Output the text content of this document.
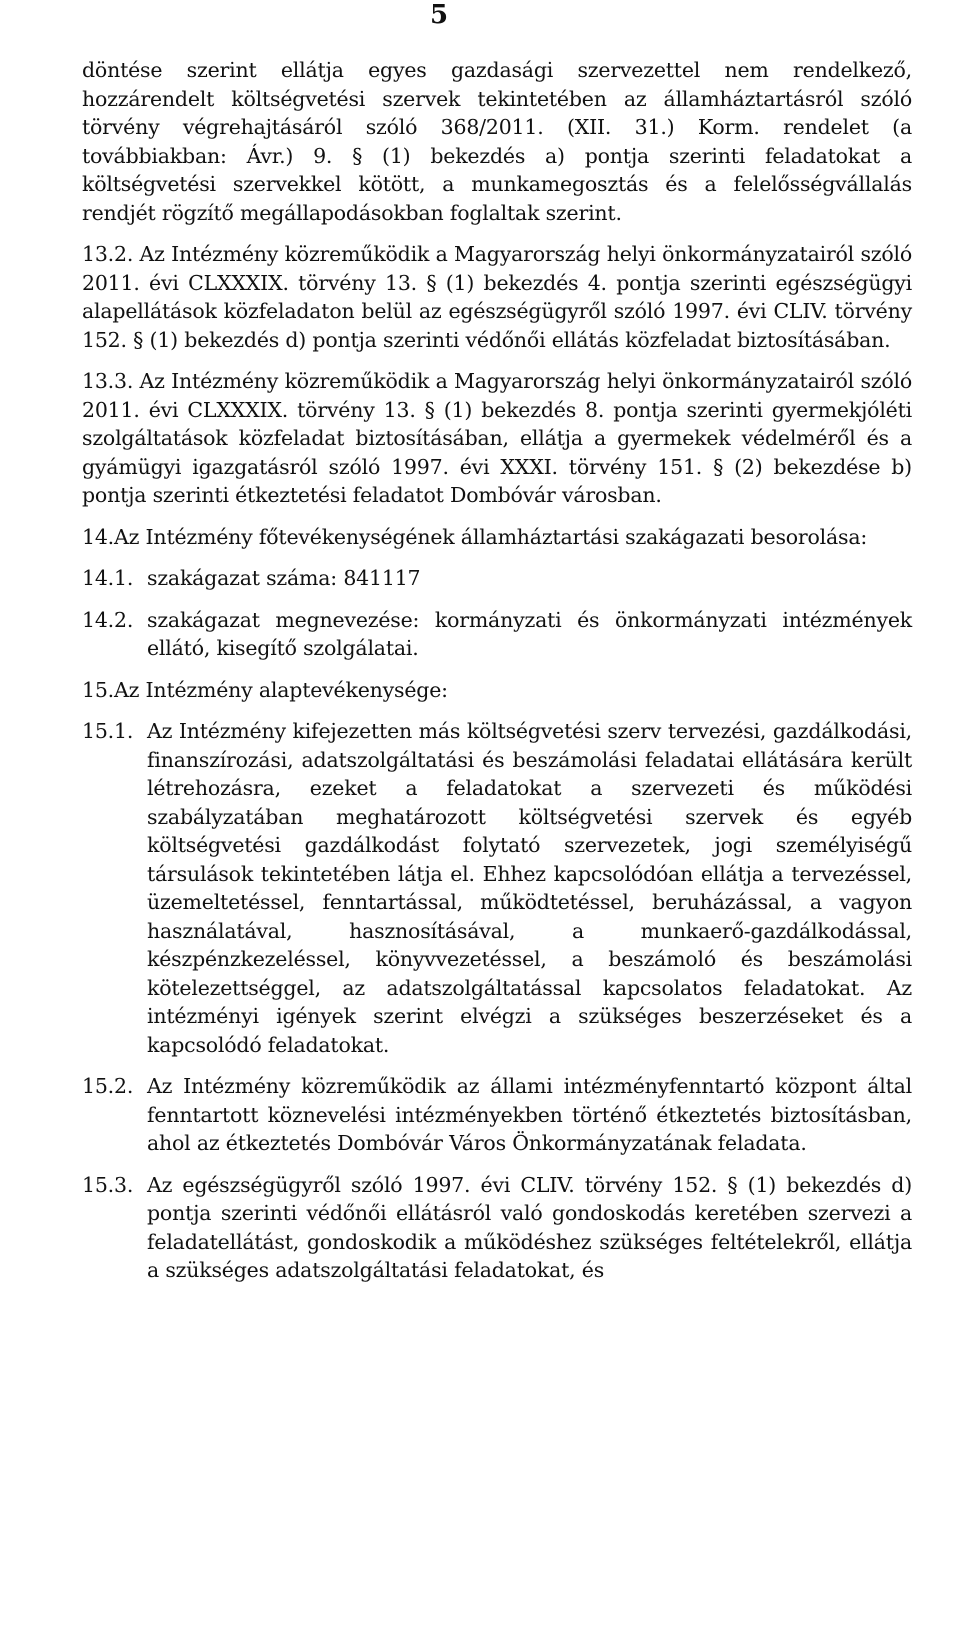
5

döntése szerint ellátja egyes gazdasági szervezettel nem rendelkező, hozzárendelt költségvetési szervek tekintetében az államháztartásról szóló törvény végrehajtásáról szóló 368/2011. (XII. 31.) Korm. rendelet (a továbbiakban: Ávr.) 9. § (1) bekezdés a) pontja szerinti feladatokat a költségvetési szervekkel kötött, a munkamegosztás és a felelősségvállalás rendjét rögzítő megállapodásokban foglaltak szerint.

13.2. Az Intézmény közreműködik a Magyarország helyi önkormányzatairól szóló 2011. évi CLXXXIX. törvény 13. § (1) bekezdés 4. pontja szerinti egészségügyi alapellátások közfeladaton belül az egészségügyről szóló 1997. évi CLIV. törvény 152. § (1) bekezdés d) pontja szerinti védőnői ellátás közfeladat biztosításában.

13.3. Az Intézmény közreműködik a Magyarország helyi önkormányzatairól szóló 2011. évi CLXXXIX. törvény 13. § (1) bekezdés 8. pontja szerinti gyermekjóléti szolgáltatások közfeladat biztosításában, ellátja a gyermekek védelméről és a gyámügyi igazgatásról szóló 1997. évi XXXI. törvény 151. § (2) bekezdése b) pontja szerinti étkeztetési feladatot Dombóvár városban.

14. Az Intézmény főtevékenységének államháztartási szakágazati besorolása:
14.1. szakágazat száma: 841117
14.2. szakágazat megnevezése: kormányzati és önkormányzati intézmények ellátó, kisegítő szolgálatai.
15. Az Intézmény alaptevékenysége:
15.1. Az Intézmény kifejezetten más költségvetési szerv tervezési, gazdálkodási, finanszírozási, adatszolgáltatási és beszámolási feladatai ellátására került létrehozásra, ezeket a feladatokat a szervezeti és működési szabályzatában meghatározott költségvetési szervek és egyéb költségvetési gazdálkodást folytató szervezetek, jogi személyiségű társulások tekintetében látja el. Ehhez kapcsolódóan ellátja a tervezéssel, üzemeltetéssel, fenntartással, működtetéssel, beruházással, a vagyon használatával, hasznosításával, a munkaerő-gazdálkodással, készpénzkezeléssel, könyvvezetéssel, a beszámoló és beszámolási kötelezettséggel, az adatszolgáltatással kapcsolatos feladatokat. Az intézményi igények szerint elvégzi a szükséges beszerzéseket és a kapcsolódó feladatokat.
15.2. Az Intézmény közreműködik az állami intézményfenntartó központ által fenntartott köznevelési intézményekben történő étkeztetés biztosításban, ahol az étkeztetés Dombóvár Város Önkormányzatának feladata.
15.3. Az egészségügyről szóló 1997. évi CLIV. törvény 152. § (1) bekezdés d) pontja szerinti védőnői ellátásról való gondoskodás keretében szervezi a feladatellátást, gondoskodik a működéshez szükséges feltételekről, ellátja a szükséges adatszolgáltatási feladatokat, és
